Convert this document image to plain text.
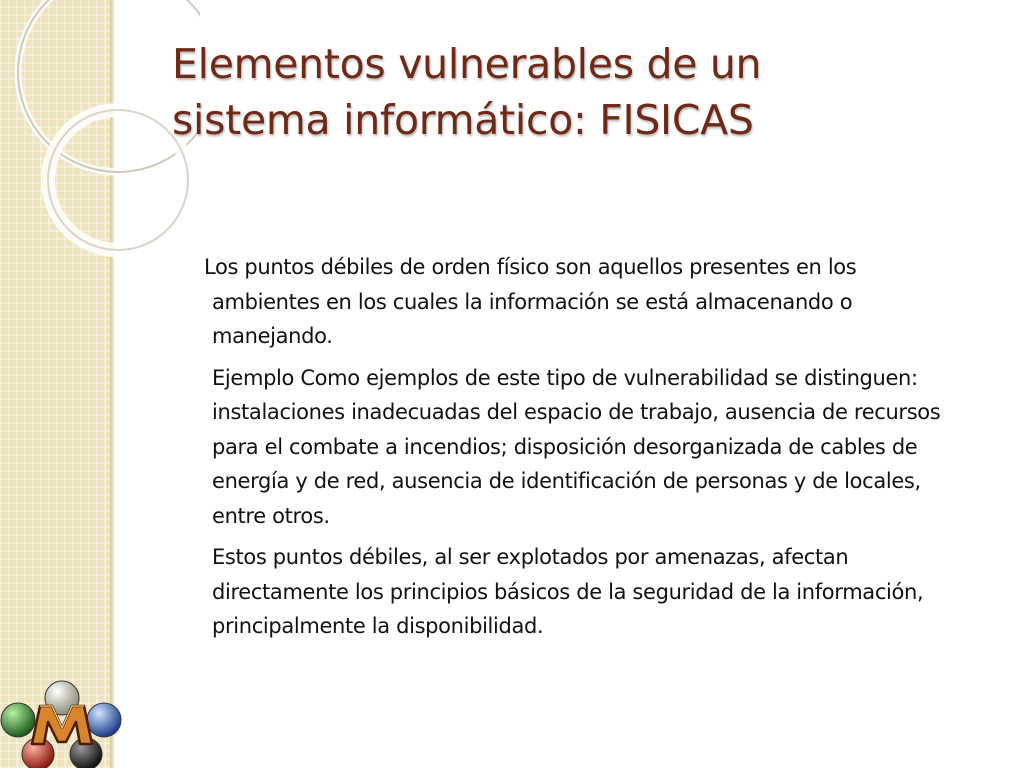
Elementos vulnerables de un
sistema informático: FISICAS

Los puntos débiles de orden físico son aquellos presentes en los ambientes en los cuales la información se está almacenando o manejando.

Ejemplo Como ejemplos de este tipo de vulnerabilidad se distinguen: instalaciones inadecuadas del espacio de trabajo, ausencia de recursos para el combate a incendios; disposición desorganizada de cables de energía y de red, ausencia de identificación de personas y de locales, entre otros.

Estos puntos débiles, al ser explotados por amenazas, afectan directamente los principios básicos de la seguridad de la información, principalmente la disponibilidad.
